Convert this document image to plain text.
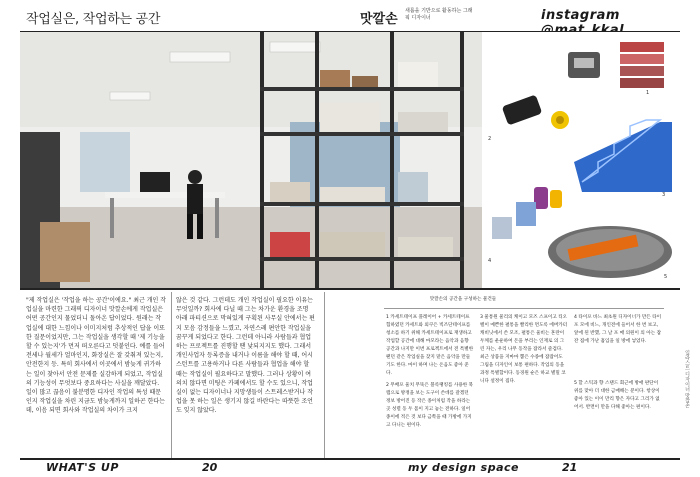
작업실은, 작업하는 공간	맛깔손
새롭을 기반으로 활동하는 그래픽 디자이너	instagram
1
2
3
4
5
"제 작업실은 '작업을 하는 공간'이에요." 최근 개인 작업실을 마련한 그래픽 디자이너 맛깔손에게 작업실은 어떤 공간인지 물었더니 돌아온 답이었다. 원래는 작업실에 대한 느낌이나 이미지처럼 추상적인 답을 이또한 질문이었지만, 그는 작업실을 생각할 때 '제 기능을 할 수 있는지'가 먼저 떠오른다고 덧붙인다. 예를 들어 전세나 월세가 얼마인지, 화장실은 잘 갖춰져 있는지, 안전한지 등. 특히 회사에서 이곳에서 밤늦게 귀가하는 일이 찾아서 안전 문제를 실감하게 되었고, 작업실의 기능성이 무엇보다 중요하다는 사실을 깨달았다. 일이 많고 끊음이 불분명한 디자인 작업의 특성 때문인지 작업실을 차린 지금도 밤늦게까지 일하곤 한다는데, 이음 되면 회사와 작업실의 차이가 크지
않은 것 같다. 그런데도 개인 작업실이 필요한 이유는 무엇일까? 회사에 다닐 때 그는 차가운 환경을 조명 아래 파티션으로 막혀있게 구획된 사무실 안에서는 편지 모음 감정들을 느꼈고, 자연스레 편안한 작업실을 꿈꾸게 되었다고 한다. 그런데 아니라 사람들과 협업하는 프로젝트를 진행할 땐 낯되지지도 했다. 그래서 개인사업자 등록증을 내거나 이름을 해야 할 때, 어시스턴트를 고용하거나 다른 사람들과 협업을 해야 할 때는 작업실이 필요하다고 말했다. 그러나 상황이 여의치 않다면 미팅은 카페에서도 할 수도 있으니, 작업실이 없는 디자이너나 지망생들이 스트레스받거나 작업을 못 하는 일은 생기지 않길 바란다는 따뜻한 조언도 잊지 않았다.
맛깔손의 공간을 구성하는 물건들
1 카세트테이프 플레이어 + 카세트테이프 힙하였던 카세트와 외쿠은 빅즈단테이프를 청소를 하기 위해 카세트테이프로 재생하고 작업할 공간에 대해 마모라는 음악과 음향 공간과 나지만 이번 프로젝트에서 전 특별한 팬던 같은 작업실을 찾지 맡은 음악을 만들기도 한다. 마이 하며 나는 온음도 좋아 준다.
2 무배포 울치 무뚝은 블록랭킹를 사용한 북랩으로 방정을 보는 도구이 쓴데를 갈겠던 정보 방어진 등 작은 종이처럼 작을 하라는 곳 성렬 동 두 몸이 지고 놓는 전하다. 일어 종이에 적은 것 보다 금쪽을 때 가방에 가지고 다니는 편이다.
3 물통원 물리의 케이고 모즈 스프이고 티오벨이 예쁜한 펼통을 빨리한 면도록 에버카터 캐비닛에서 쓴 모조, 펼통은 울비는 혼란이 두께를 운운하여 돈을 부리는 인재로 의 그린 자는, 우리 나무 동작을 잡라서 즐겁다. 최근 상품을 지마마 뽑은 수종에 잡잡어도 그림을 디자인이 보통 편하다. 작업의 동을 과정 특별합이다. 동경원 순은 하교 별밀 코니다 설정이 집다.
4 타이포 바느 최초원 디자이너가 만든 타이포 모에 비느, 개인전에 들어서 한 번 보고, 앞에 된 반했, 그 날 포 매 의원이 의 아는 잡잔 집에 가난 흡입을 일 방에 넣었다.
5 할 스틱과 향 스탠드 회근에 방애 판단이 위를 맞아 더 대한 금매해는 분이다. 항상이 좋아 있는 이이 만리 향은 자다고 그리가 없어서. 반면이 만을 다해 좋아는 편이다.	일라스트 디자이너 맛깔손
WHAT'S UP	20	my design space	21
